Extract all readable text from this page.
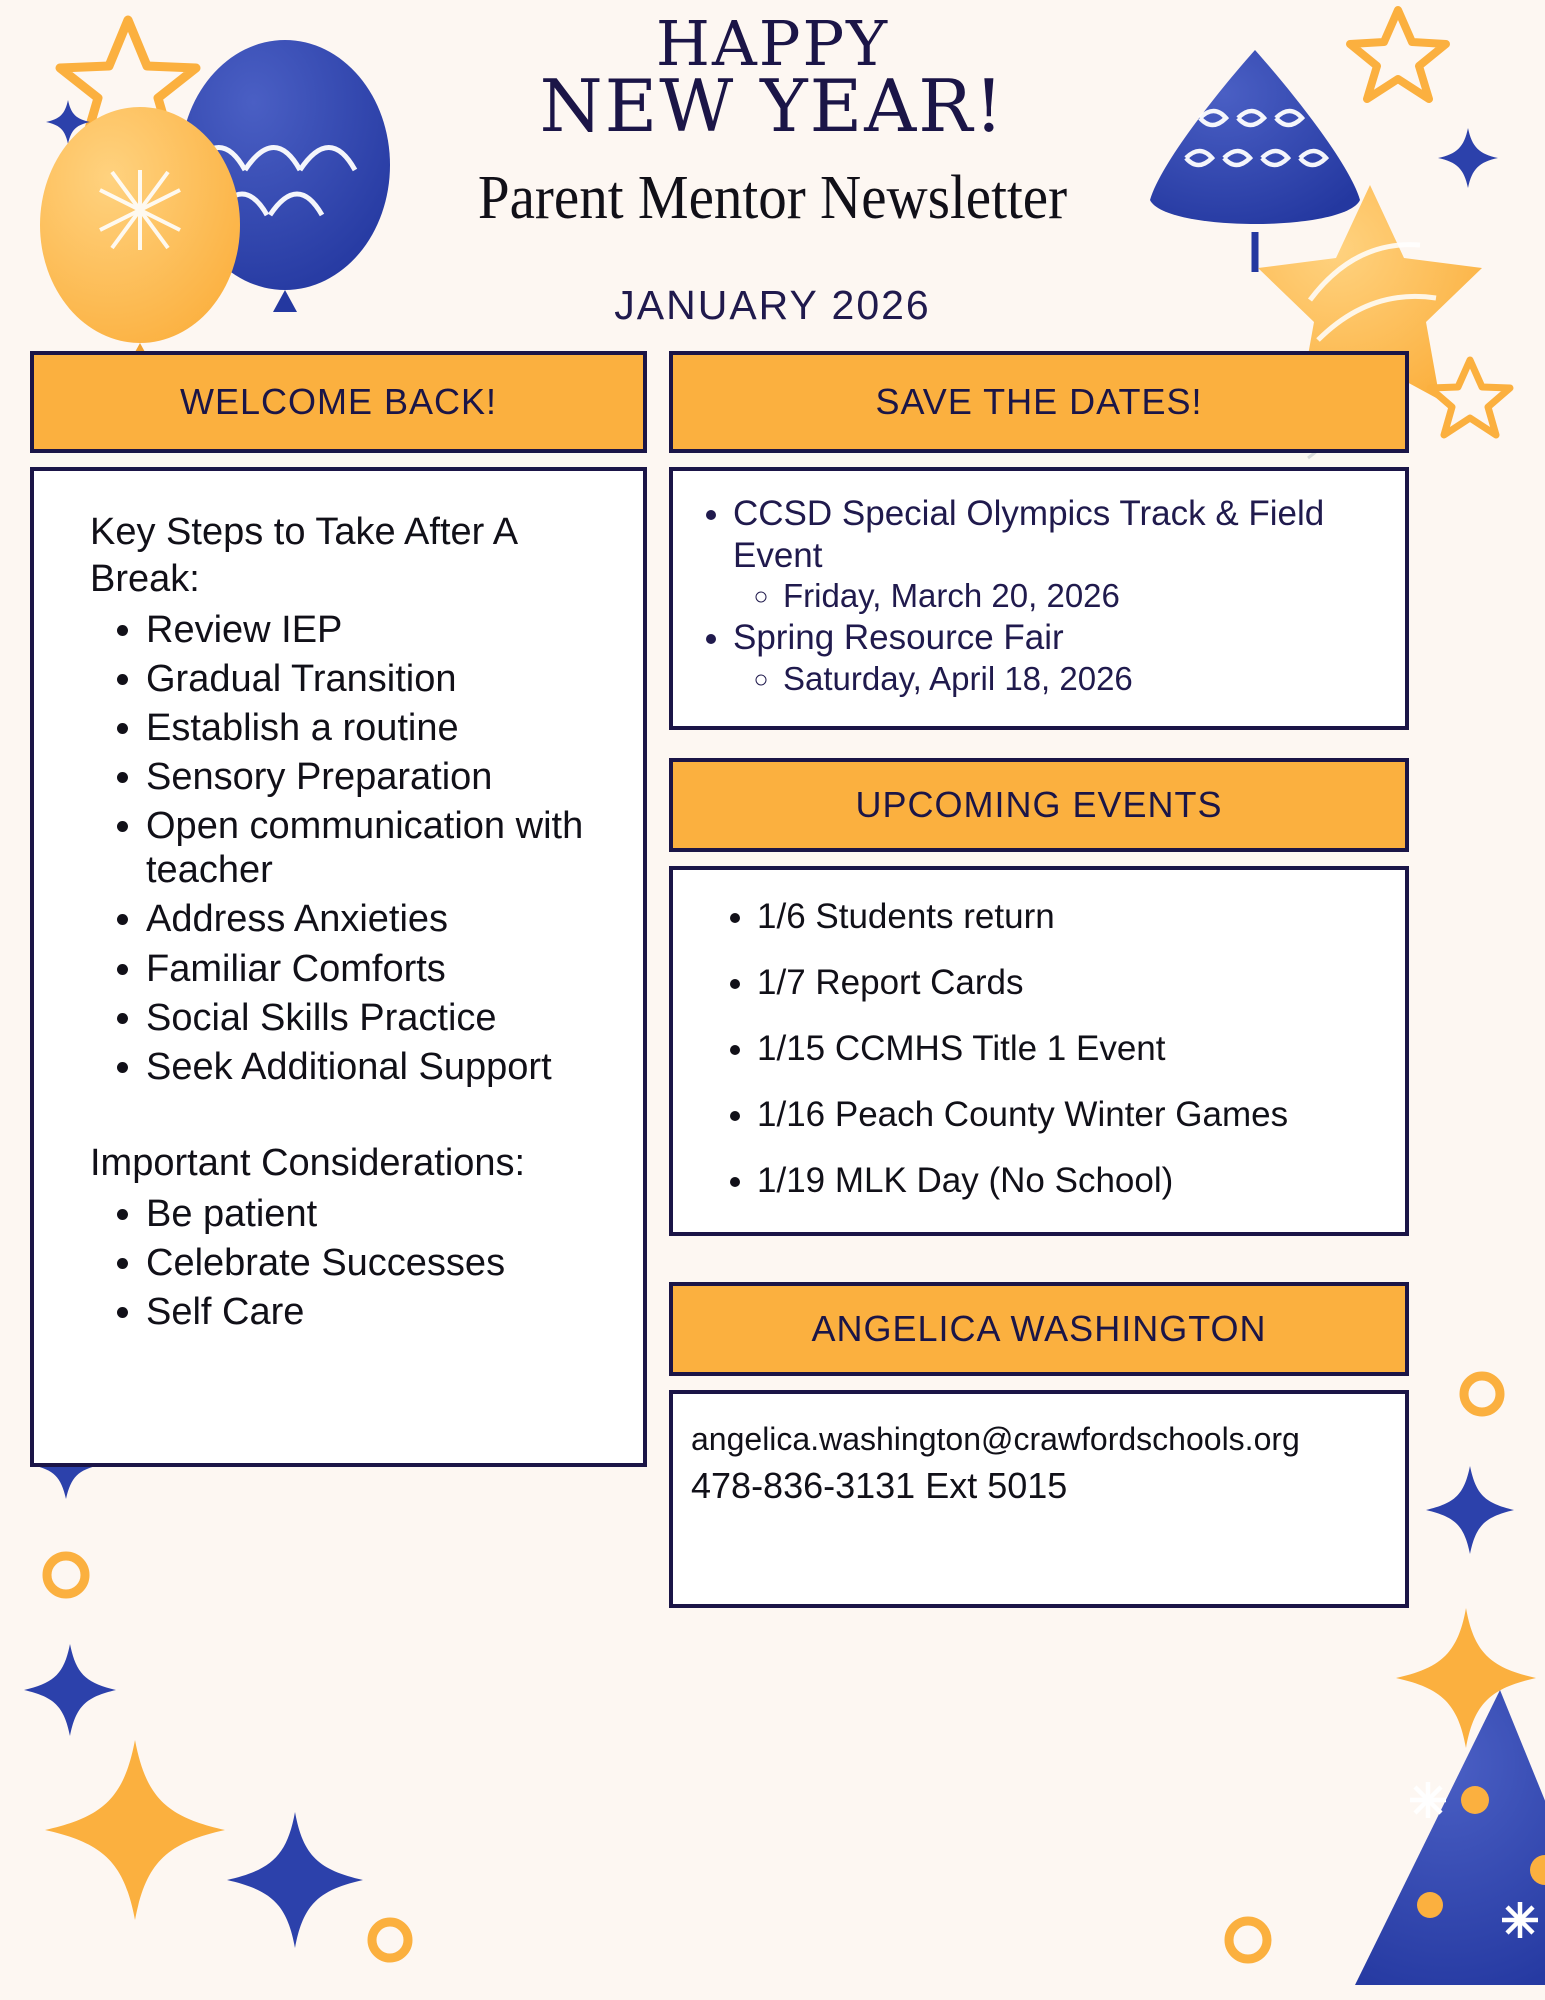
HAPPY
NEW YEAR!
Parent Mentor Newsletter
JANUARY 2026
WELCOME BACK!
Key Steps to Take After A Break:
• Review IEP
• Gradual Transition
• Establish a routine
• Sensory Preparation
• Open communication with teacher
• Address Anxieties
• Familiar Comforts
• Social Skills Practice
• Seek Additional Support
Important Considerations:
• Be patient
• Celebrate Successes
• Self Care
SAVE THE DATES!
• CCSD Special Olympics Track & Field Event
◦ Friday, March 20, 2026
• Spring Resource Fair
◦ Saturday, April 18, 2026
UPCOMING EVENTS
• 1/6 Students return
• 1/7 Report Cards
• 1/15 CCMHS Title 1 Event
• 1/16 Peach County Winter Games
• 1/19 MLK Day (No School)
ANGELICA WASHINGTON
angelica.washington@crawfordschools.org
478-836-3131 Ext 5015
